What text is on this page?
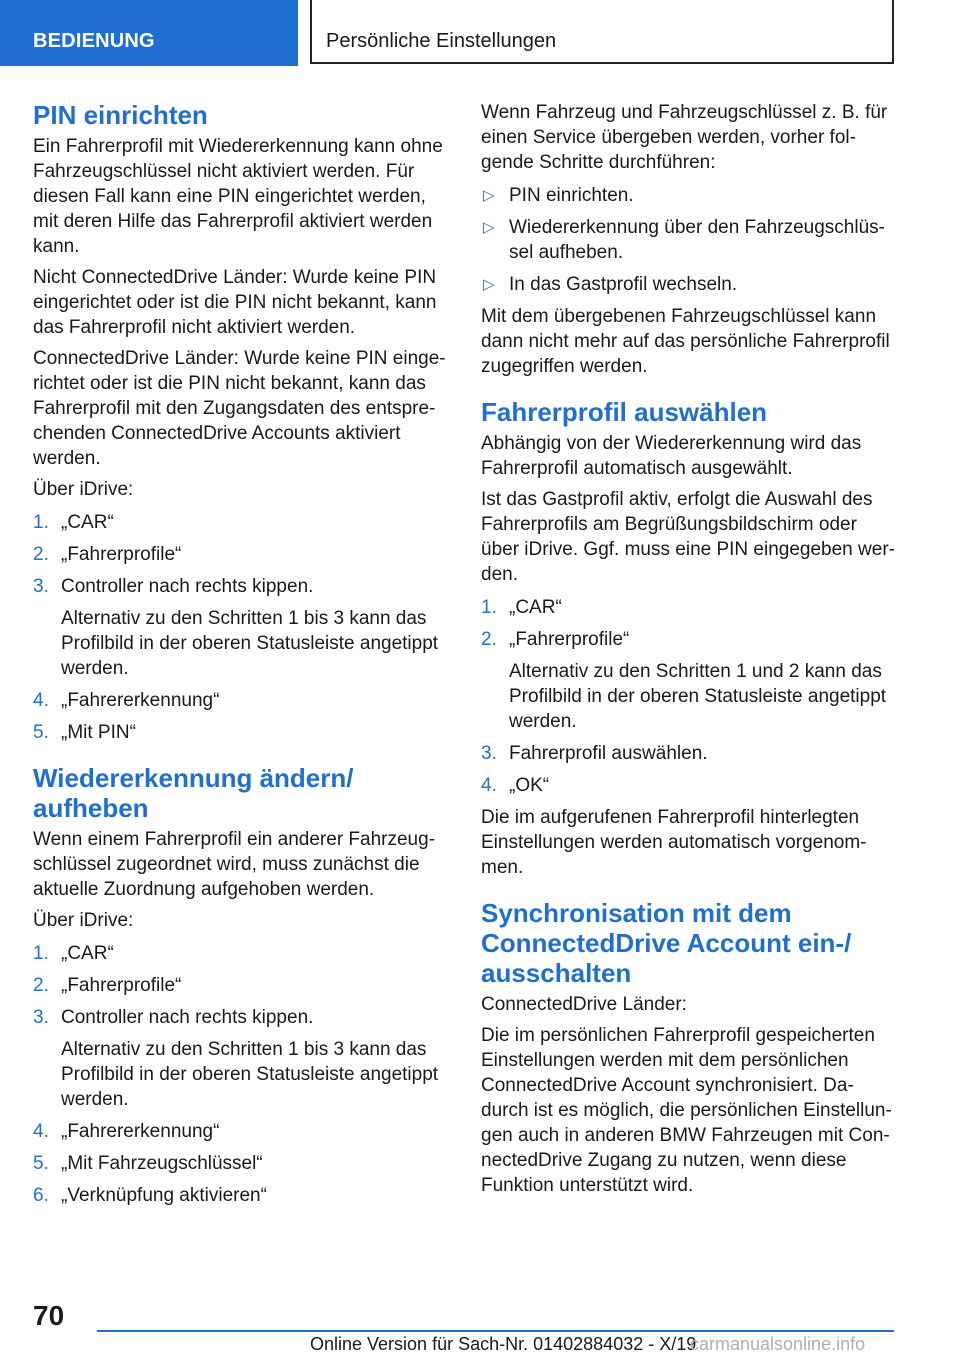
BEDIENUNG	Persönliche Einstellungen
PIN einrichten

Ein Fahrerprofil mit Wiedererkennung kann ohne Fahrzeugschlüssel nicht aktiviert werden. Für diesen Fall kann eine PIN eingerichtet werden, mit deren Hilfe das Fahrerprofil aktiviert werden kann.

Nicht ConnectedDrive Länder: Wurde keine PIN eingerichtet oder ist die PIN nicht bekannt, kann das Fahrerprofil nicht aktiviert werden.

ConnectedDrive Länder: Wurde keine PIN einge-richtet oder ist die PIN nicht bekannt, kann das Fahrerprofil mit den Zugangsdaten des entspre-chenden ConnectedDrive Accounts aktiviert werden.

Über iDrive:

1. „CAR“
2. „Fahrerprofile“
3. Controller nach rechts kippen.
Alternativ zu den Schritten 1 bis 3 kann das Profilbild in der oberen Statusleiste angetippt werden.
4. „Fahrererkennung“
5. „Mit PIN“
Wiedererkennung ändern/ aufheben

Wenn einem Fahrerprofil ein anderer Fahrzeug-schlüssel zugeordnet wird, muss zunächst die aktuelle Zuordnung aufgehoben werden.

Über iDrive:

1. „CAR“
2. „Fahrerprofile“
3. Controller nach rechts kippen.
Alternativ zu den Schritten 1 bis 3 kann das Profilbild in der oberen Statusleiste angetippt werden.
4. „Fahrererkennung“
5. „Mit Fahrzeugschlüssel“
6. „Verknüpfung aktivieren“

Wenn Fahrzeug und Fahrzeugschlüssel z. B. für einen Service übergeben werden, vorher fol-gende Schritte durchführen:

▷ PIN einrichten.
▷ Wiedererkennung über den Fahrzeugschlüs-sel aufheben.
▷ In das Gastprofil wechseln.

Mit dem übergebenen Fahrzeugschlüssel kann dann nicht mehr auf das persönliche Fahrerprofil zugegriffen werden.

Fahrerprofil auswählen

Abhängig von der Wiedererkennung wird das Fahrerprofil automatisch ausgewählt.

Ist das Gastprofil aktiv, erfolgt die Auswahl des Fahrerprofils am Begrüßungsbildschirm oder über iDrive. Ggf. muss eine PIN eingegeben wer-den.

1. „CAR“
2. „Fahrerprofile“
Alternativ zu den Schritten 1 und 2 kann das Profilbild in der oberen Statusleiste angetippt werden.
3. Fahrerprofil auswählen.
4. „OK“

Die im aufgerufenen Fahrerprofil hinterlegten Einstellungen werden automatisch vorgenom-men.

Synchronisation mit dem ConnectedDrive Account ein-/ ausschalten

ConnectedDrive Länder:

Die im persönlichen Fahrerprofil gespeicherten Einstellungen werden mit dem persönlichen ConnectedDrive Account synchronisiert. Da-durch ist es möglich, die persönlichen Einstellun-gen auch in anderen BMW Fahrzeugen mit Con-nectedDrive Zugang zu nutzen, wenn diese Funktion unterstützt wird.

70
Online Version für Sach-Nr. 01402884032 - X/19
carmanualsonline.info
